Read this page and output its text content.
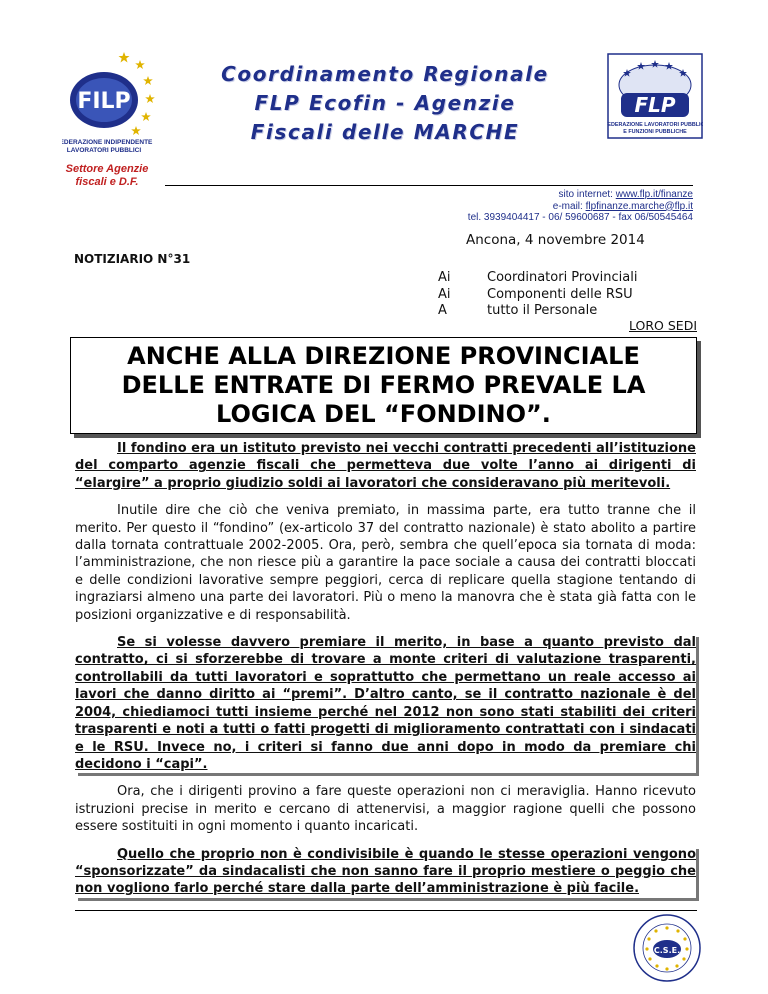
FILP
FEDERAZIONE INDIPENDENTE
LAVORATORI PUBBLICI
Coordinamento Regionale
FLP Ecofin - Agenzie
Fiscali delle MARCHE
FLP
FEDERAZIONE LAVORATORI PUBBLICI
E FUNZIONI PUBBLICHE
Settore Agenzie
fiscali e D.F.
sito internet: www.flp.it/finanze
e-mail: flpfinanze.marche@flp.it
tel. 3939404417 - 06/ 59600687 - fax 06/50545464
Ancona, 4 novembre 2014
NOTIZIARIO N°31
Ai	Coordinatori Provinciali
Ai	Componenti delle RSU
A	tutto il Personale
LORO SEDI
ANCHE ALLA DIREZIONE PROVINCIALE
DELLE ENTRATE DI FERMO PREVALE LA
LOGICA DEL “FONDINO”.

Il fondino era un istituto previsto nei vecchi contratti precedenti all’istituzione del comparto agenzie fiscali che permetteva due volte l’anno ai dirigenti di “elargire” a proprio giudizio soldi ai lavoratori che consideravano più meritevoli.

Inutile dire che ciò che veniva premiato, in massima parte, era tutto tranne che il merito. Per questo il “fondino” (ex-articolo 37 del contratto nazionale) è stato abolito a partire dalla tornata contrattuale 2002-2005. Ora, però, sembra che quell’epoca sia tornata di moda: l’amministrazione, che non riesce più a garantire la pace sociale a causa dei contratti bloccati e delle condizioni lavorative sempre peggiori, cerca di replicare quella stagione tentando di ingraziarsi almeno una parte dei lavoratori. Più o meno la manovra che è stata già fatta con le posizioni organizzative e di responsabilità.

Se si volesse davvero premiare il merito, in base a quanto previsto dal contratto, ci si sforzerebbe di trovare a monte criteri di valutazione trasparenti, controllabili da tutti lavoratori e soprattutto che permettano un reale accesso ai lavori che danno diritto ai “premi”. D’altro canto, se il contratto nazionale è del 2004, chiediamoci tutti insieme perché nel 2012 non sono stati stabiliti dei criteri trasparenti e noti a tutti o fatti progetti di miglioramento contrattati con i sindacati e le RSU. Invece no, i criteri si fanno due anni dopo in modo da premiare chi decidono i “capi”.

Ora, che i dirigenti provino a fare queste operazioni non ci meraviglia. Hanno ricevuto istruzioni precise in merito e cercano di attenervisi, a maggior ragione quelli che possono essere sostituiti in ogni momento i quanto incaricati.

Quello che proprio non è condivisibile è quando le stesse operazioni vengono “sponsorizzate” da sindacalisti che non sanno fare il proprio mestiere o peggio che non vogliono farlo perché stare dalla parte dell’amministrazione è più facile.

C.S.E.
